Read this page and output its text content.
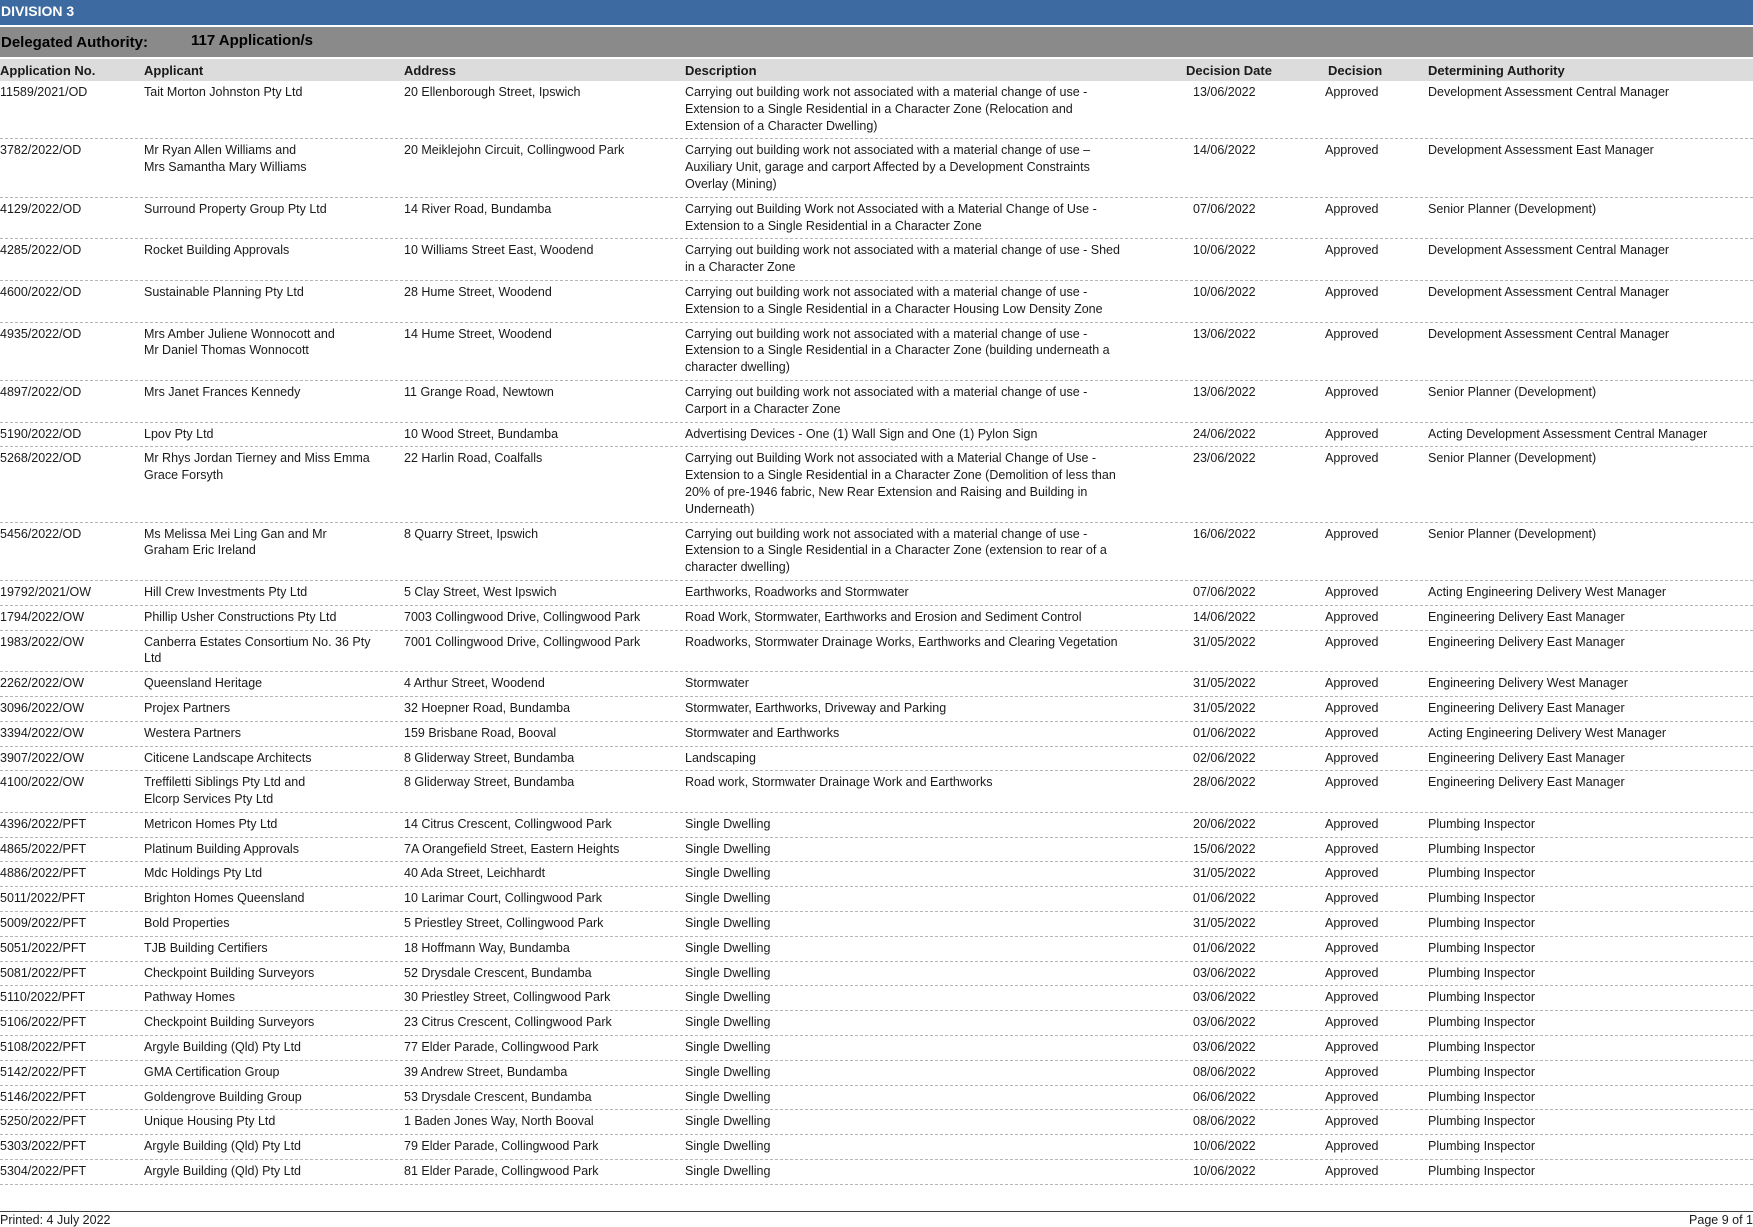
DIVISION 3
Delegated Authority:	117 Application/s
Application No.	Applicant	Address	Description	Decision Date	Decision	Determining Authority
11589/2021/OD	Tait Morton Johnston Pty Ltd	20 Ellenborough Street, Ipswich	Carrying out building work not associated with a material change of use -
Extension to a Single Residential in a Character Zone (Relocation and
Extension of a Character Dwelling)
13/06/2022	Approved	Development Assessment Central Manager
3782/2022/OD	Mr Ryan Allen Williams and
Mrs Samantha Mary Williams
20 Meiklejohn Circuit, Collingwood Park	Carrying out building work not associated with a material change of use –
Auxiliary Unit, garage and carport Affected by a Development Constraints
Overlay (Mining)
14/06/2022	Approved	Development Assessment East Manager
4129/2022/OD	Surround Property Group Pty Ltd	14 River Road, Bundamba	Carrying out Building Work not Associated with a Material Change of Use -
Extension to a Single Residential in a Character Zone
07/06/2022	Approved	Senior Planner (Development)
4285/2022/OD	Rocket Building Approvals	10 Williams Street East, Woodend	Carrying out building work not associated with a material change of use - Shed
in a Character Zone
10/06/2022	Approved	Development Assessment Central Manager
4600/2022/OD	Sustainable Planning Pty Ltd	28 Hume Street, Woodend	Carrying out building work not associated with a material change of use -
Extension to a Single Residential in a Character Housing Low Density Zone
10/06/2022	Approved	Development Assessment Central Manager
4935/2022/OD	Mrs Amber Juliene Wonnocott and
Mr Daniel Thomas Wonnocott
14 Hume Street, Woodend	Carrying out building work not associated with a material change of use -
Extension to a Single Residential in a Character Zone (building underneath a
character dwelling)
13/06/2022	Approved	Development Assessment Central Manager
4897/2022/OD	Mrs Janet Frances Kennedy	11 Grange Road, Newtown	Carrying out building work not associated with a material change of use -
Carport in a Character Zone
13/06/2022	Approved	Senior Planner (Development)
5190/2022/OD	Lpov Pty Ltd	10 Wood Street, Bundamba	Advertising Devices - One (1) Wall Sign and One (1) Pylon Sign	24/06/2022	Approved	Acting Development Assessment Central Manager
5268/2022/OD	Mr Rhys Jordan Tierney and Miss Emma
Grace Forsyth
22 Harlin Road, Coalfalls	Carrying out Building Work not associated with a Material Change of Use -
Extension to a Single Residential in a Character Zone (Demolition of less than
20% of pre-1946 fabric, New Rear Extension and Raising and Building in
Underneath)
23/06/2022	Approved	Senior Planner (Development)
5456/2022/OD	Ms Melissa Mei Ling Gan and Mr
Graham Eric Ireland
8 Quarry Street, Ipswich	Carrying out building work not associated with a material change of use -
Extension to a Single Residential in a Character Zone (extension to rear of a
character dwelling)
16/06/2022	Approved	Senior Planner (Development)
19792/2021/OW	Hill Crew Investments Pty Ltd	5 Clay Street, West Ipswich	Earthworks, Roadworks and Stormwater	07/06/2022	Approved	Acting Engineering Delivery West Manager
1794/2022/OW	Phillip Usher Constructions Pty Ltd	7003 Collingwood Drive, Collingwood Park	Road Work, Stormwater, Earthworks and Erosion and Sediment Control	14/06/2022	Approved	Engineering Delivery East Manager
1983/2022/OW	Canberra Estates Consortium No. 36 Pty
Ltd
7001 Collingwood Drive, Collingwood Park	Roadworks, Stormwater Drainage Works, Earthworks and Clearing Vegetation	31/05/2022	Approved	Engineering Delivery East Manager
2262/2022/OW	Queensland Heritage	4 Arthur Street, Woodend	Stormwater	31/05/2022	Approved	Engineering Delivery West Manager
3096/2022/OW	Projex Partners	32 Hoepner Road, Bundamba	Stormwater, Earthworks, Driveway and Parking	31/05/2022	Approved	Engineering Delivery East Manager
3394/2022/OW	Westera Partners	159 Brisbane Road, Booval	Stormwater and Earthworks	01/06/2022	Approved	Acting Engineering Delivery West Manager
3907/2022/OW	Citicene Landscape Architects	8 Gliderway Street, Bundamba	Landscaping	02/06/2022	Approved	Engineering Delivery East Manager
4100/2022/OW	Treffiletti Siblings Pty Ltd and
Elcorp Services Pty Ltd
8 Gliderway Street, Bundamba	Road work, Stormwater Drainage Work and Earthworks	28/06/2022	Approved	Engineering Delivery East Manager
4396/2022/PFT	Metricon Homes Pty Ltd	14 Citrus Crescent, Collingwood Park	Single Dwelling	20/06/2022	Approved	Plumbing Inspector
4865/2022/PFT	Platinum Building Approvals	7A Orangefield Street, Eastern Heights	Single Dwelling	15/06/2022	Approved	Plumbing Inspector
4886/2022/PFT	Mdc Holdings Pty Ltd	40 Ada Street, Leichhardt	Single Dwelling	31/05/2022	Approved	Plumbing Inspector
5011/2022/PFT	Brighton Homes Queensland	10 Larimar Court, Collingwood Park	Single Dwelling	01/06/2022	Approved	Plumbing Inspector
5009/2022/PFT	Bold Properties	5 Priestley Street, Collingwood Park	Single Dwelling	31/05/2022	Approved	Plumbing Inspector
5051/2022/PFT	TJB Building Certifiers	18 Hoffmann Way, Bundamba	Single Dwelling	01/06/2022	Approved	Plumbing Inspector
5081/2022/PFT	Checkpoint Building Surveyors	52 Drysdale Crescent, Bundamba	Single Dwelling	03/06/2022	Approved	Plumbing Inspector
5110/2022/PFT	Pathway Homes	30 Priestley Street, Collingwood Park	Single Dwelling	03/06/2022	Approved	Plumbing Inspector
5106/2022/PFT	Checkpoint Building Surveyors	23 Citrus Crescent, Collingwood Park	Single Dwelling	03/06/2022	Approved	Plumbing Inspector
5108/2022/PFT	Argyle Building (Qld) Pty Ltd	77 Elder Parade, Collingwood Park	Single Dwelling	03/06/2022	Approved	Plumbing Inspector
5142/2022/PFT	GMA Certification Group	39 Andrew Street, Bundamba	Single Dwelling	08/06/2022	Approved	Plumbing Inspector
5146/2022/PFT	Goldengrove Building Group	53 Drysdale Crescent, Bundamba	Single Dwelling	06/06/2022	Approved	Plumbing Inspector
5250/2022/PFT	Unique Housing Pty Ltd	1 Baden Jones Way, North Booval	Single Dwelling	08/06/2022	Approved	Plumbing Inspector
5303/2022/PFT	Argyle Building (Qld) Pty Ltd	79 Elder Parade, Collingwood Park	Single Dwelling	10/06/2022	Approved	Plumbing Inspector
5304/2022/PFT	Argyle Building (Qld) Pty Ltd	81 Elder Parade, Collingwood Park	Single Dwelling	10/06/2022	Approved	Plumbing Inspector
Printed: 4 July 2022	Page 9 of 1
